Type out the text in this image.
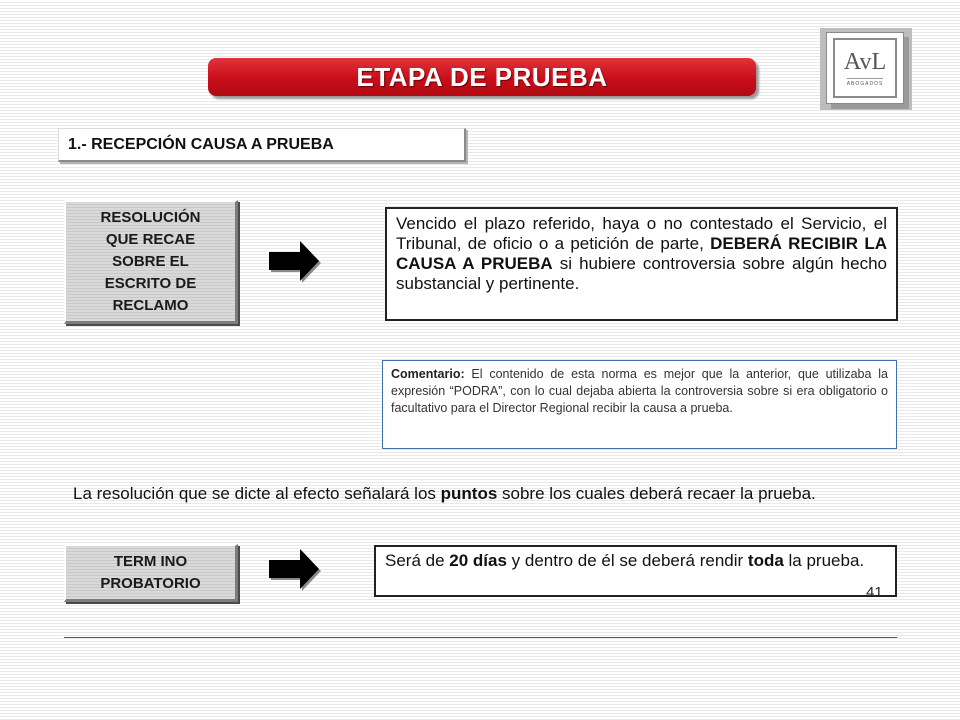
ETAPA DE PRUEBA	AvL
ABOGADOS
1.- RECEPCIÓN CAUSA A PRUEBA
RESOLUCIÓN
QUE RECAE
SOBRE EL
ESCRITO DE
RECLAMO
Vencido el plazo referido, haya o no contestado el Servicio, el Tribunal, de oficio o a petición de parte, DEBERÁ RECIBIR LA CAUSA A PRUEBA si hubiere controversia sobre algún hecho substancial y pertinente.
Comentario: El contenido de esta norma es mejor que la anterior, que utilizaba la expresión “PODRA”, con lo cual dejaba abierta la controversia sobre si era obligatorio o facultativo para el Director Regional recibir la causa a prueba.
La resolución que se dicte al efecto señalará los puntos sobre los cuales deberá recaer la prueba.
TERM INO
PROBATORIO
Será de 20 días y dentro de él se deberá rendir toda la prueba.
41
